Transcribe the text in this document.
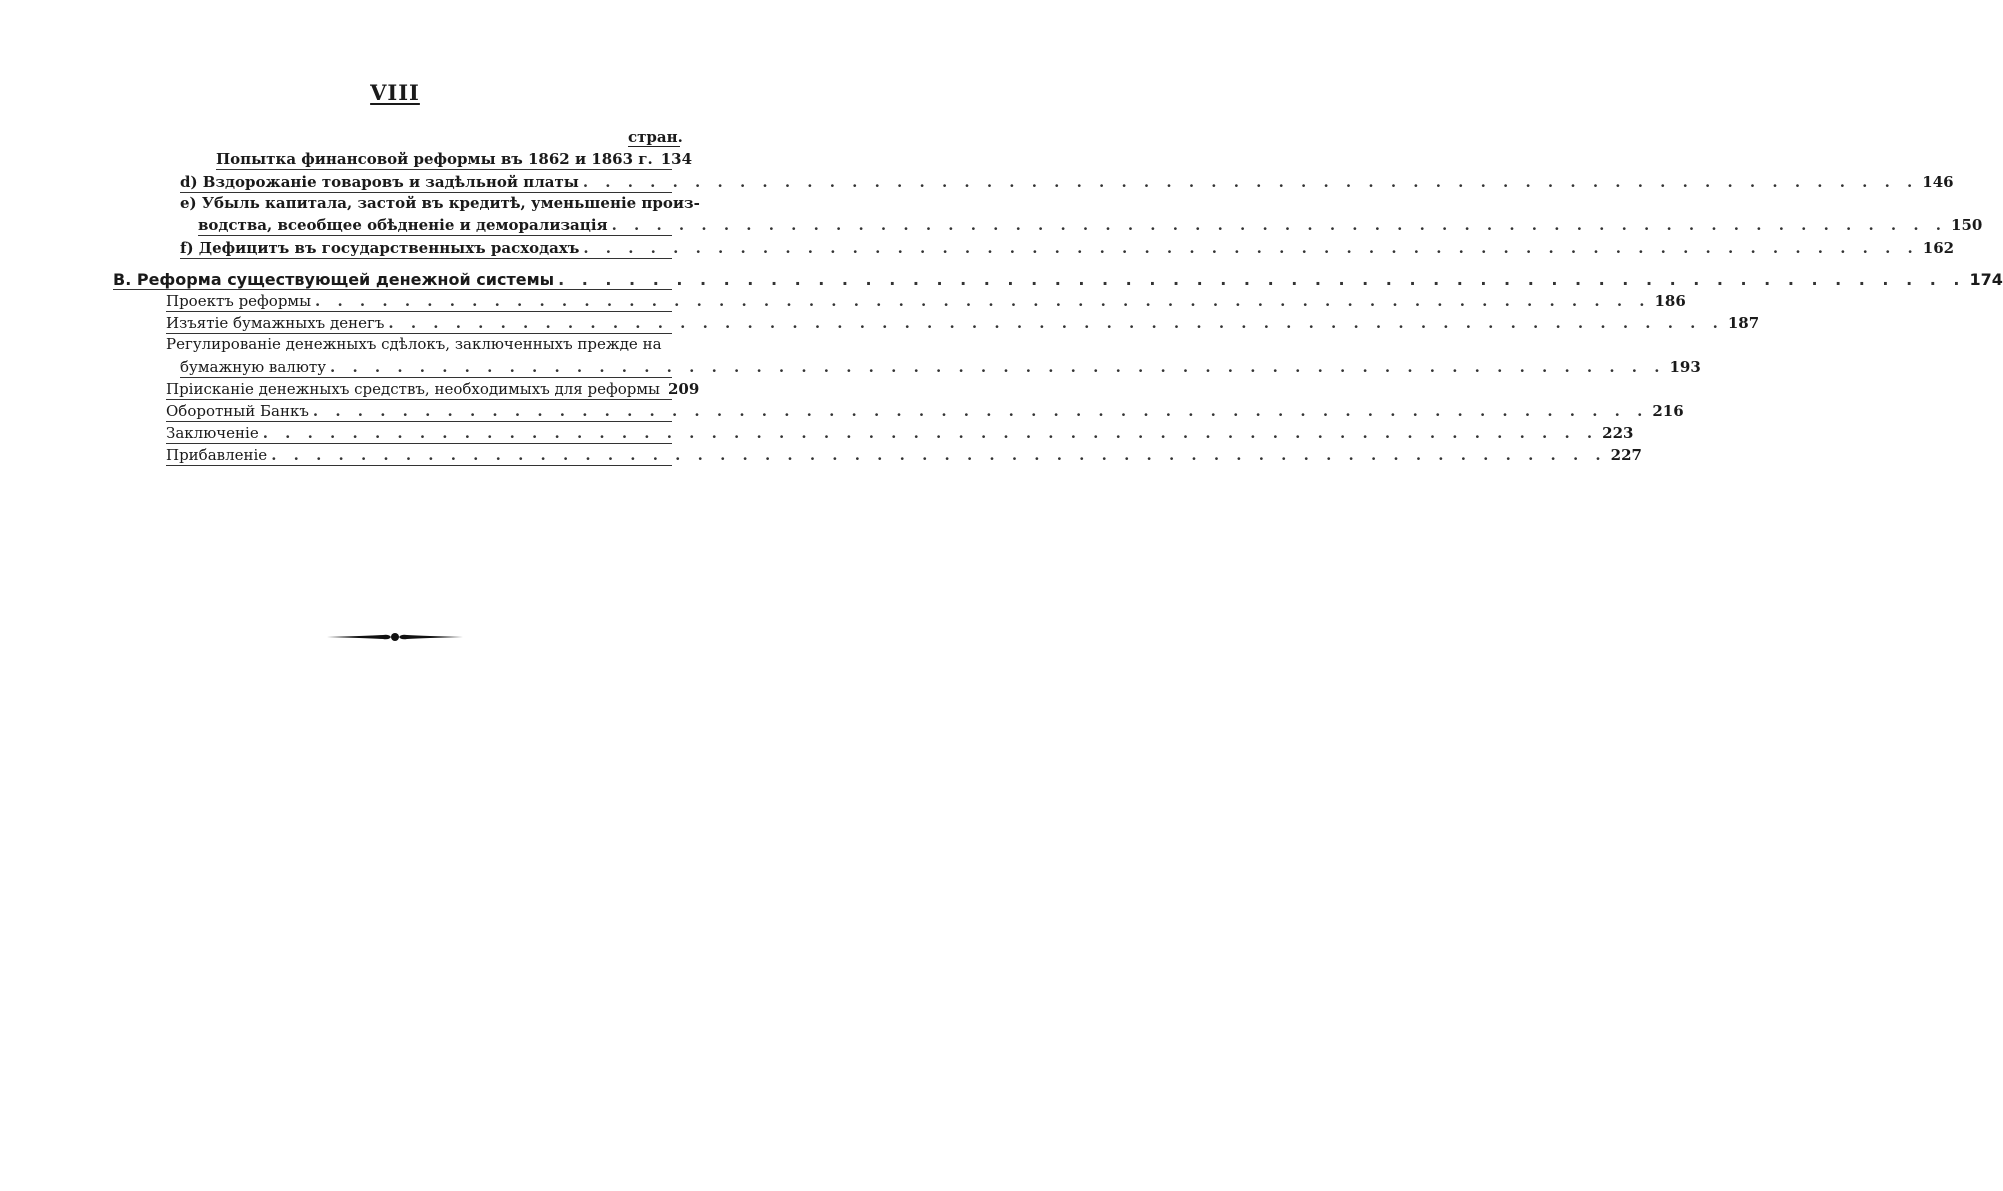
VIII
стран.
Попытка финансовой реформы въ 1862 и 1863 г. 134
d) Вздорожанiе товаровъ и задѣльной платы . . .	146
e) Убыль капитала, застой въ кредитѣ, уменьшенiе произ-
водства, всеобщее обѣдненiе и деморализацiя . . .	150
f) Дефицитъ въ государственныхъ расходахъ . . .	162
B. Реформа существующей денежной системы . . .	174
Проектъ реформы . . .	186
Изъятiе бумажныхъ денегъ . . .	187
Регулированiе денежныхъ сдѣлокъ, заключенныхъ прежде на
бумажную валюту . . .	193
Прiисканiе денежныхъ средствъ, необходимыхъ для реформы 209
Оборотный Банкъ . . .	216
Заключенiе . . .	223
Прибавленiе . . .	227
